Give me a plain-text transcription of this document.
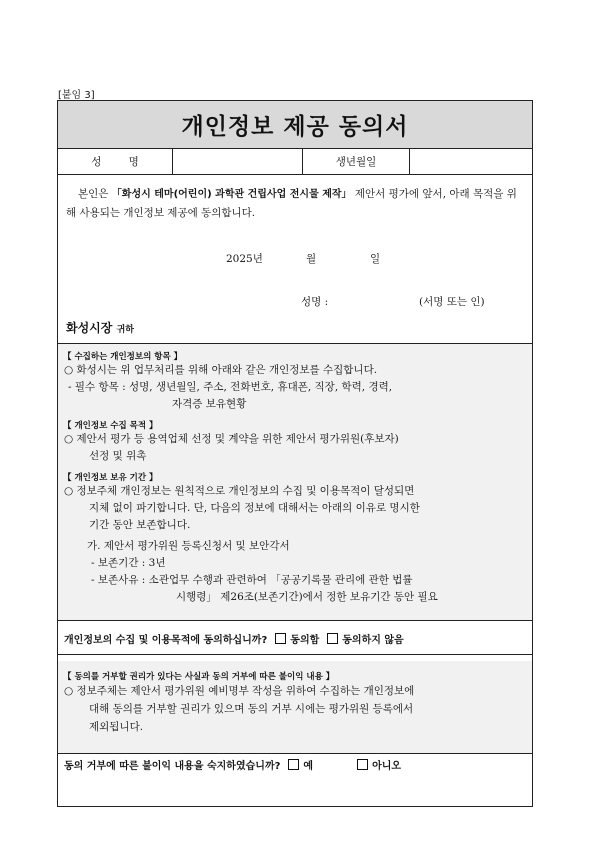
[붙임 3]
개인정보 제공 동의서
성 명	생년월일
본인은 「화성시 테마(어린이) 과학관 건립사업 전시물 제작」 제안서 평가에 앞서, 아래 목적을 위해 사용되는 개인정보 제공에 동의합니다.
2025년	월	일
성명 :	(서명 또는 인)
화성시장 귀하
【 수집하는 개인정보의 항목 】
○ 화성시는 위 업무처리를 위해 아래와 같은 개인정보를 수집합니다.
- 필수 항목 : 성명, 생년월일, 주소, 전화번호, 휴대폰, 직장, 학력, 경력,
자격증 보유현황
【 개인정보 수집 목적 】
○ 제안서 평가 등 용역업체 선정 및 계약을 위한 제안서 평가위원(후보자)
선정 및 위촉
【 개인정보 보유 기간 】
○ 정보주체 개인정보는 원칙적으로 개인정보의 수집 및 이용목적이 달성되면
지체 없이 파기합니다. 단, 다음의 정보에 대해서는 아래의 이유로 명시한
기간 동안 보존합니다.
가. 제안서 평가위원 등록신청서 및 보안각서
- 보존기간 : 3년
- 보존사유 : 소관업무 수행과 관련하여 「공공기록물 관리에 관한 법률
시행령」 제26조(보존기간)에서 정한 보유기간 동안 필요
개인정보의 수집 및 이용목적에 동의하십니까? 동의함 동의하지 않음
【 동의를 거부할 권리가 있다는 사실과 동의 거부에 따른 불이익 내용 】
○ 정보주체는 제안서 평가위원 예비명부 작성을 위하여 수집하는 개인정보에
대해 동의를 거부할 권리가 있으며 동의 거부 시에는 평가위원 등록에서
제외됩니다.
동의 거부에 따른 불이익 내용을 숙지하였습니까? 예	아니오
